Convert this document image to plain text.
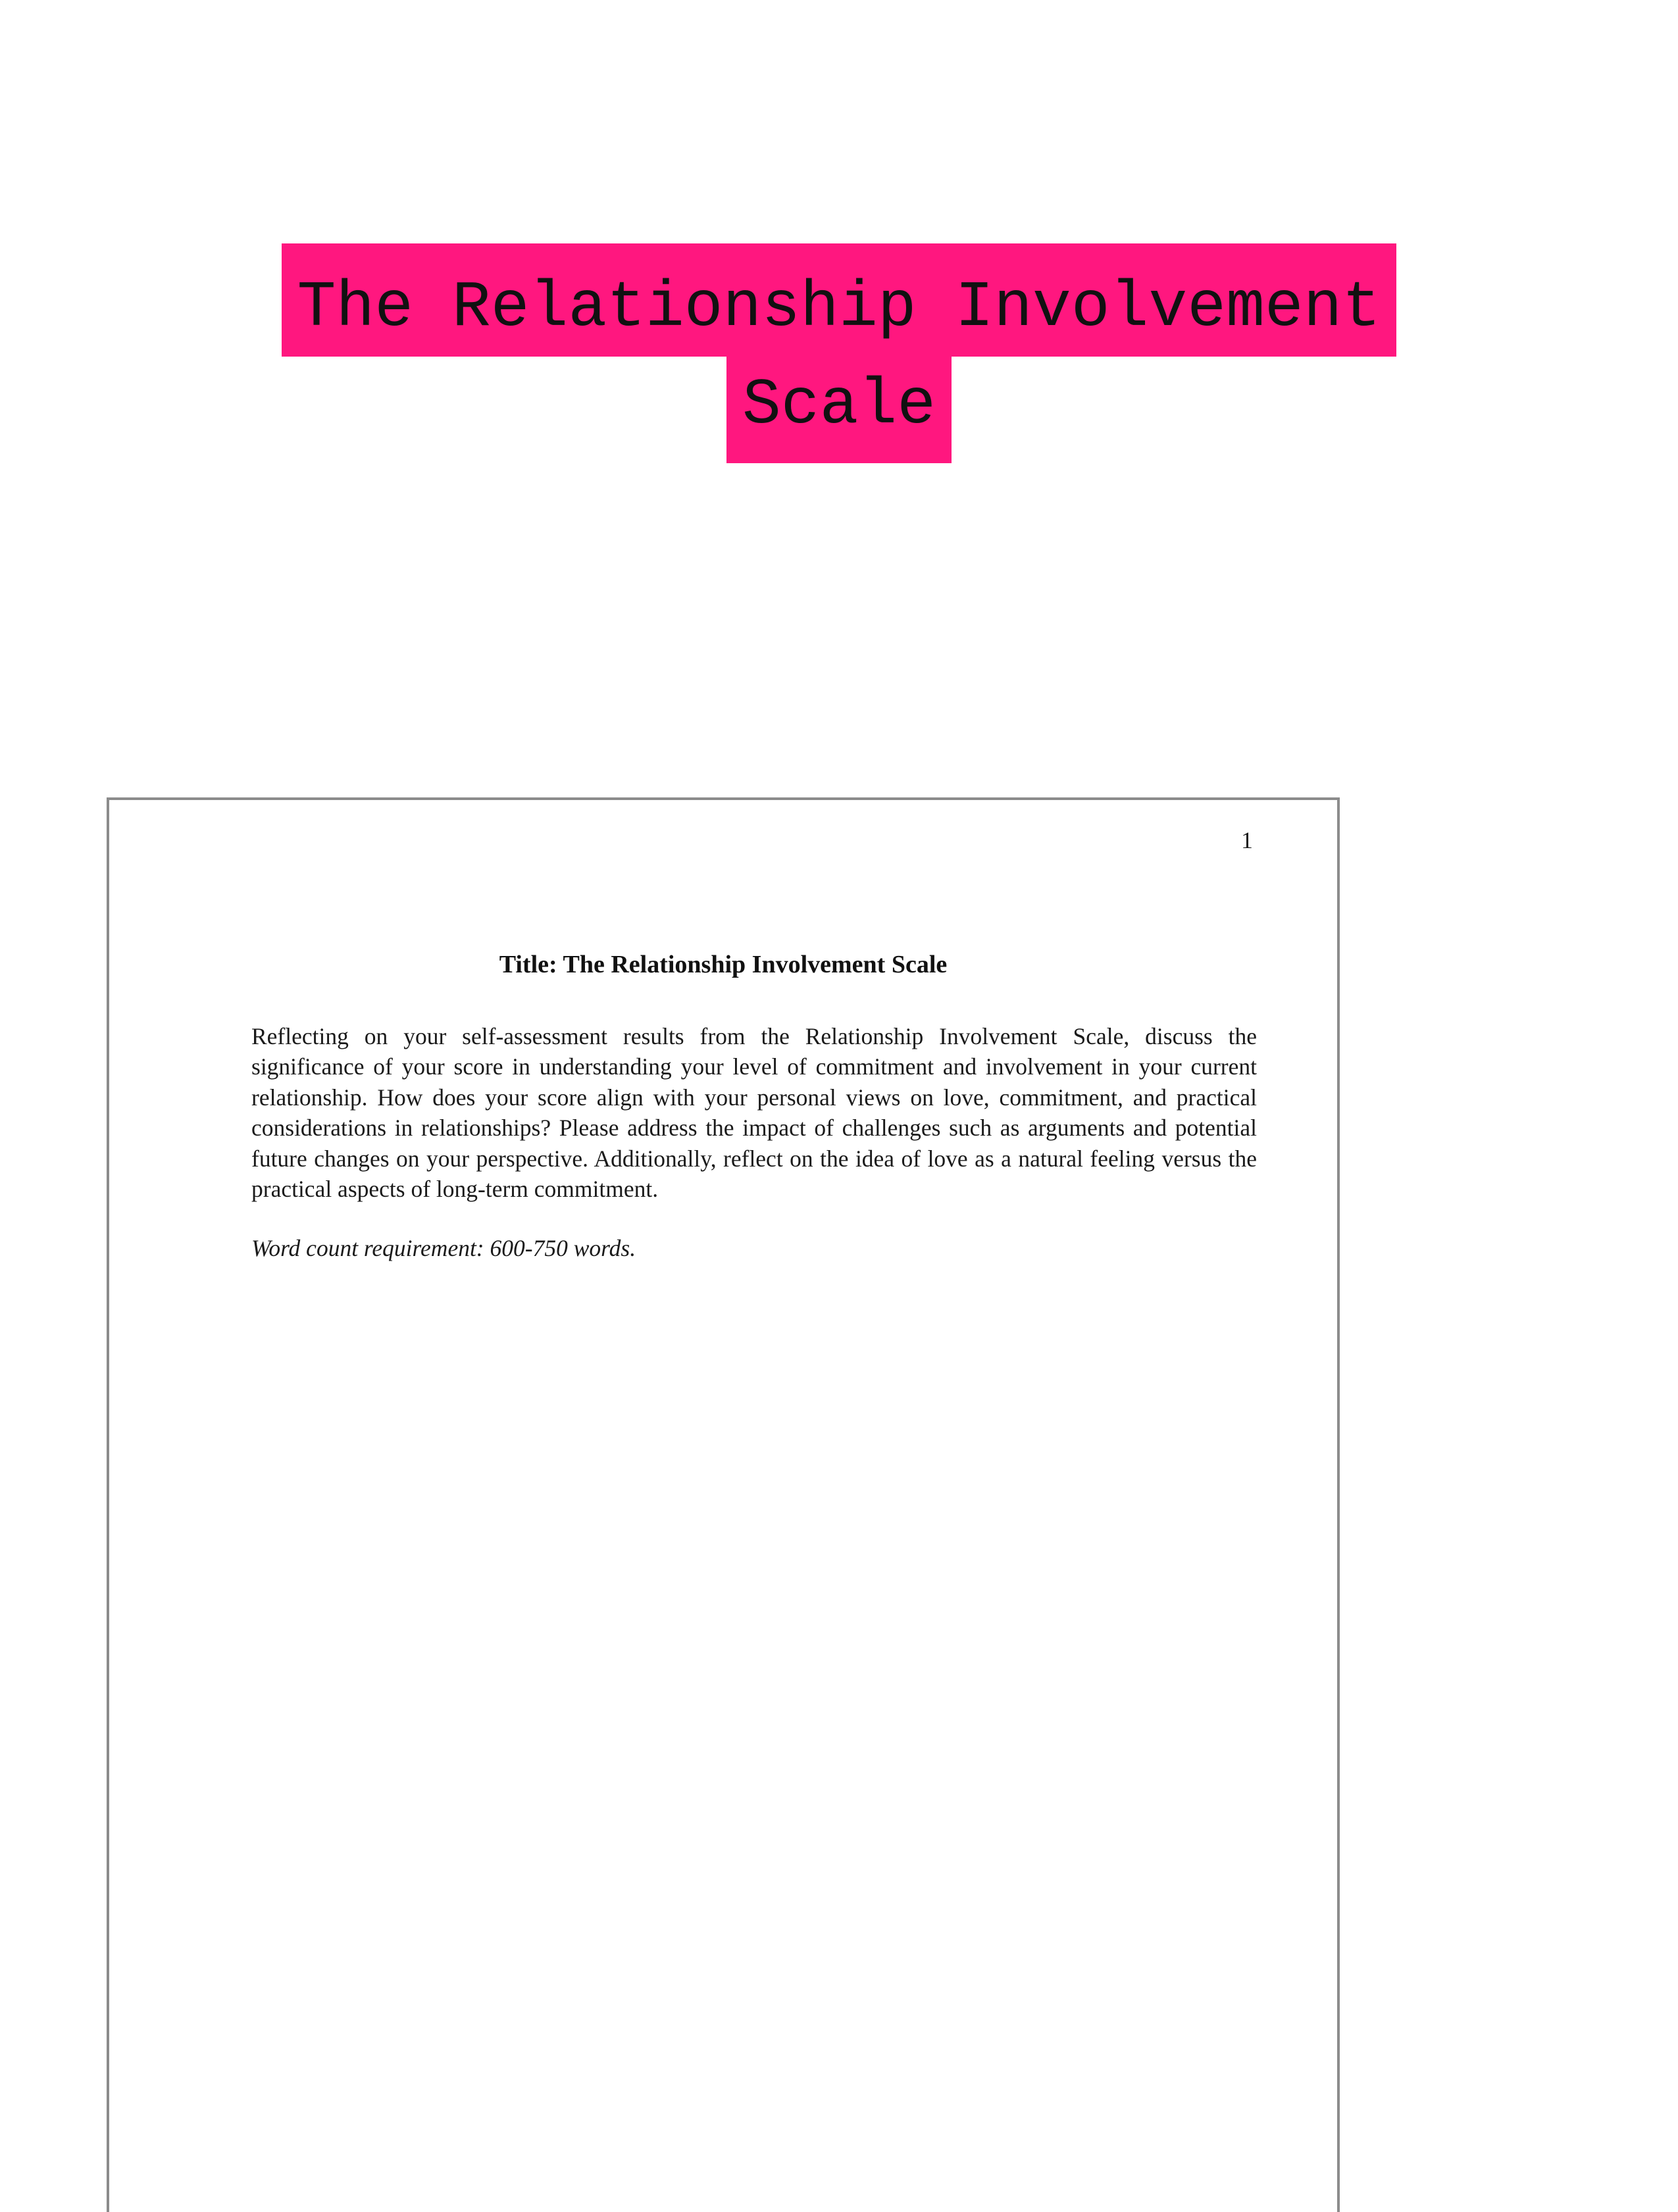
The Relationship Involvement
Scale
1
Title: The Relationship Involvement Scale
Reflecting on your self-assessment results from the Relationship Involvement Scale, discuss the significance of your score in understanding your level of commitment and involvement in your current relationship. How does your score align with your personal views on love, commitment, and practical considerations in relationships? Please address the impact of challenges such as arguments and potential future changes on your perspective. Additionally, reflect on the idea of love as a natural feeling versus the practical aspects of long-term commitment.
Word count requirement: 600-750 words.
